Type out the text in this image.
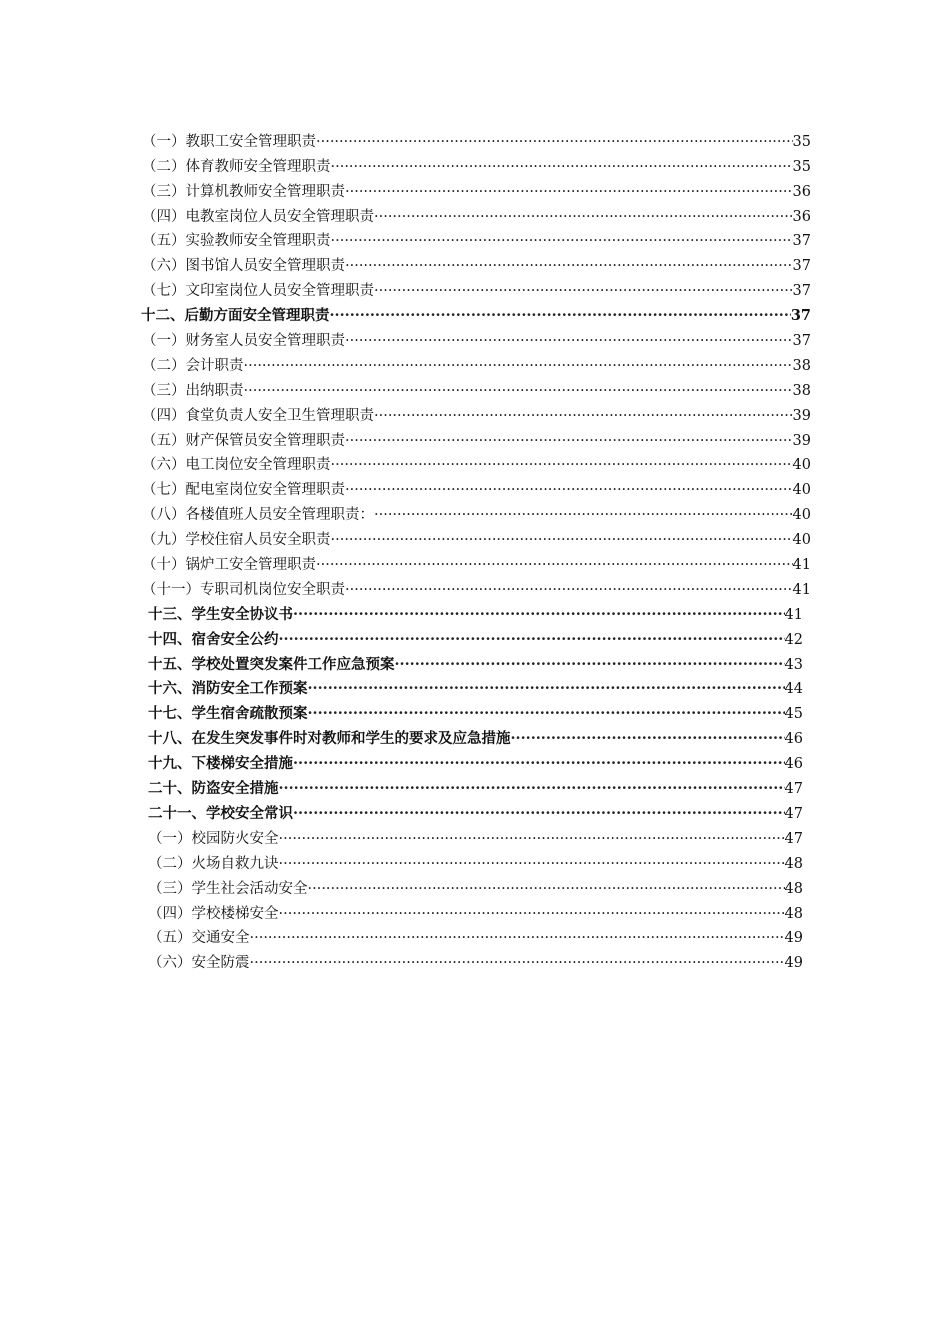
（一）教职工安全管理职责 ·····	35
（二）体育教师安全管理职责 ·····	35
（三）计算机教师安全管理职责 ·····	36
（四）电教室岗位人员安全管理职责 ·····	36
（五）实验教师安全管理职责 ·····	37
（六）图书馆人员安全管理职责 ·····	37
（七）文印室岗位人员安全管理职责 ·····	37
十二、后勤方面安全管理职责 ·····	37
（一）财务室人员安全管理职责 ·····	37
（二）会计职责 ·····	38
（三）出纳职责 ·····	38
（四）食堂负责人安全卫生管理职责 ·····	39
（五）财产保管员安全管理职责 ·····	39
（六）电工岗位安全管理职责 ·····	40
（七）配电室岗位安全管理职责 ·····	40
（八）各楼值班人员安全管理职责： ·····	40
（九）学校住宿人员安全职责 ·····	40
（十）锅炉工安全管理职责 ·····	41
（十一）专职司机岗位安全职责 ·····	41
十三、学生安全协议书 ·····	41
十四、宿舍安全公约 ·····	42
十五、学校处置突发案件工作应急预案 ·····	43
十六、消防安全工作预案 ·····	44
十七、学生宿舍疏散预案 ·····	45
十八、在发生突发事件时对教师和学生的要求及应急措施 ·····	46
十九、下楼梯安全措施 ·····	46
二十、防盗安全措施 ·····	47
二十一、学校安全常识 ·····	47
（一）校园防火安全 ·····	47
（二）火场自救九诀 ·····	48
（三）学生社会活动安全 ·····	48
（四）学校楼梯安全 ·····	48
（五）交通安全 ·····	49
（六）安全防震 ·····	49
